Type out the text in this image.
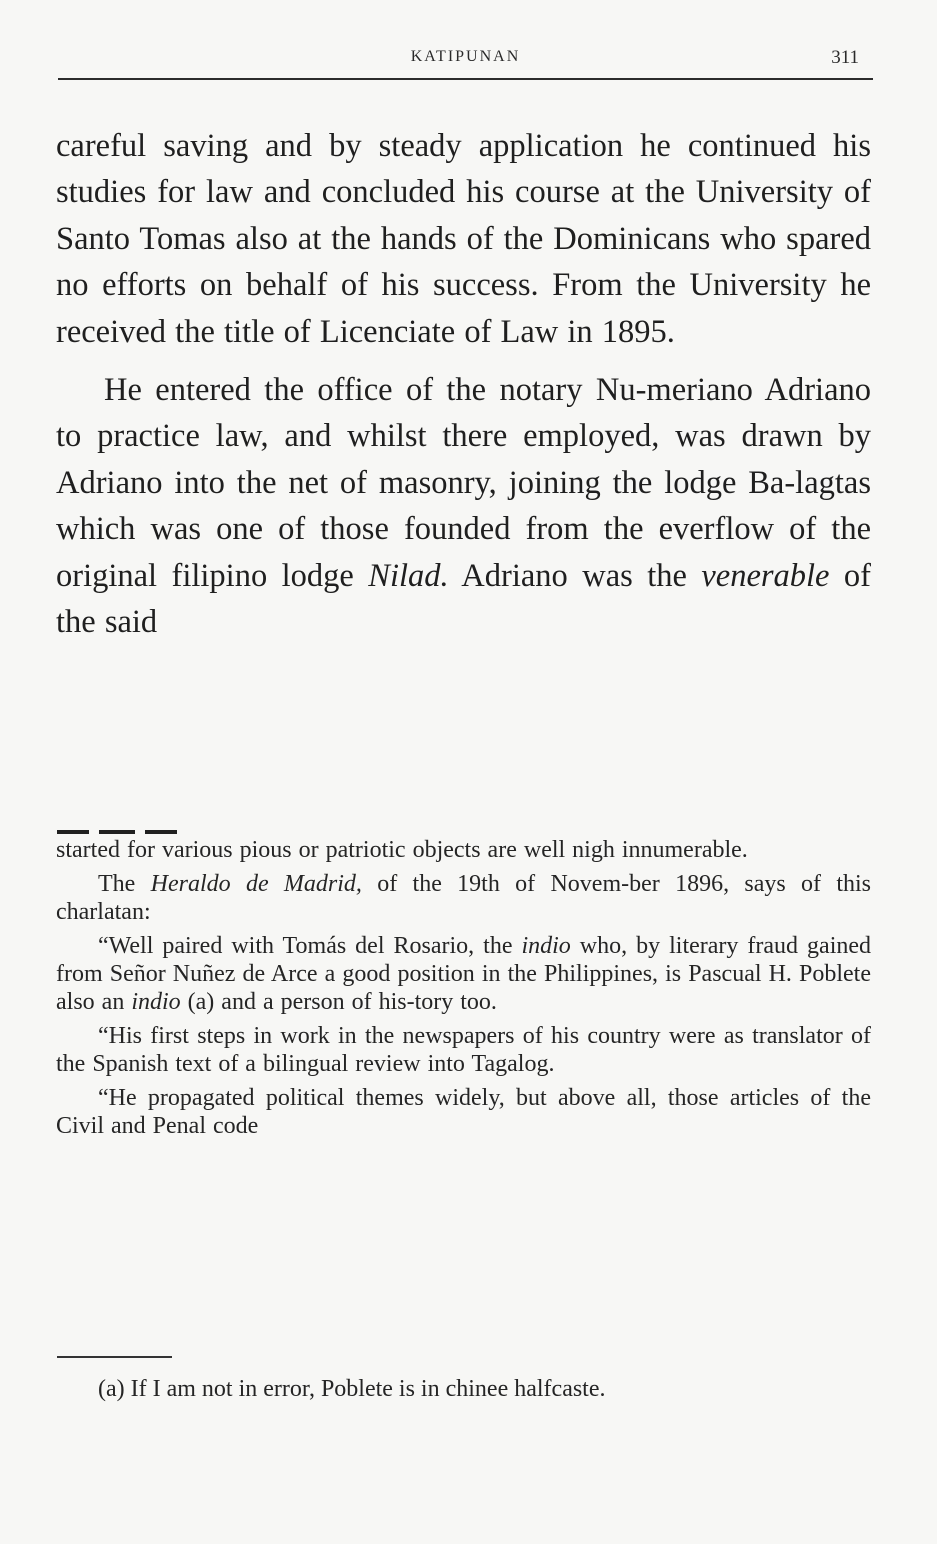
KATIPUNAN	311

careful saving and by steady application he continued his studies for law and concluded his course at the University of Santo Tomas also at the hands of the Dominicans who spared no efforts on behalf of his success. From the University he received the title of Licenciate of Law in 1895.

He entered the office of the notary Nu-meriano Adriano to practice law, and whilst there employed, was drawn by Adriano into the net of masonry, joining the lodge Ba-lagtas which was one of those founded from the everflow of the original filipino lodge Nilad. Adriano was the venerable of the said

started for various pious or patriotic objects are well nigh innumerable.

The Heraldo de Madrid, of the 19th of Novem-ber 1896, says of this charlatan:

“Well paired with Tomás del Rosario, the indio who, by literary fraud gained from Señor Nuñez de Arce a good position in the Philippines, is Pascual H. Poblete also an indio (a) and a person of his-tory too.

“His first steps in work in the newspapers of his country were as translator of the Spanish text of a bilingual review into Tagalog.

“He propagated political themes widely, but above all, those articles of the Civil and Penal code

(a) If I am not in error, Poblete is in chinee halfcaste.
